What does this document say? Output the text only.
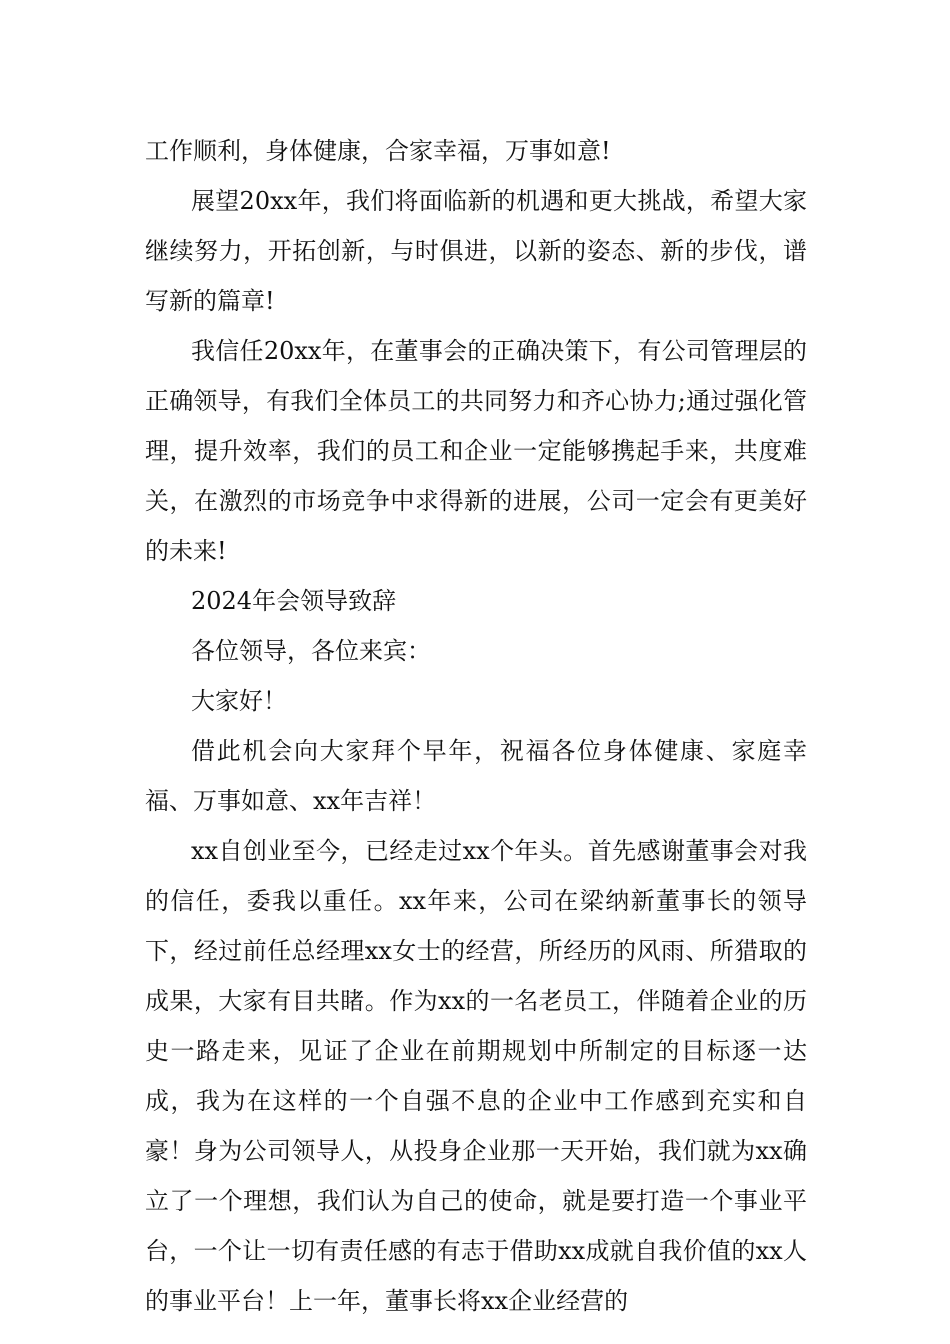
工作顺利，身体健康，合家幸福，万事如意!

展望20xx年，我们将面临新的机遇和更大挑战，希望大家继续努力，开拓创新，与时俱进，以新的姿态、新的步伐，谱写新的篇章!

我信任20xx年，在董事会的正确决策下，有公司管理层的正确领导，有我们全体员工的共同努力和齐心协力;通过强化管理，提升效率，我们的员工和企业一定能够携起手来，共度难关，在激烈的市场竞争中求得新的进展，公司一定会有更美好的未来!

2024年会领导致辞

各位领导，各位来宾：

大家好！

借此机会向大家拜个早年，祝福各位身体健康、家庭幸福、万事如意、xx年吉祥！

xx自创业至今，已经走过xx个年头。首先感谢董事会对我的信任，委我以重任。xx年来，公司在梁纳新董事长的领导下，经过前任总经理xx女士的经营，所经历的风雨、所猎取的成果，大家有目共睹。作为xx的一名老员工，伴随着企业的历史一路走来，见证了企业在前期规划中所制定的目标逐一达成，我为在这样的一个自强不息的企业中工作感到充实和自豪！身为公司领导人，从投身企业那一天开始，我们就为xx确立了一个理想，我们认为自己的使命，就是要打造一个事业平台，一个让一切有责任感的有志于借助xx成就自我价值的xx人的事业平台！上一年，董事长将xx企业经营的
